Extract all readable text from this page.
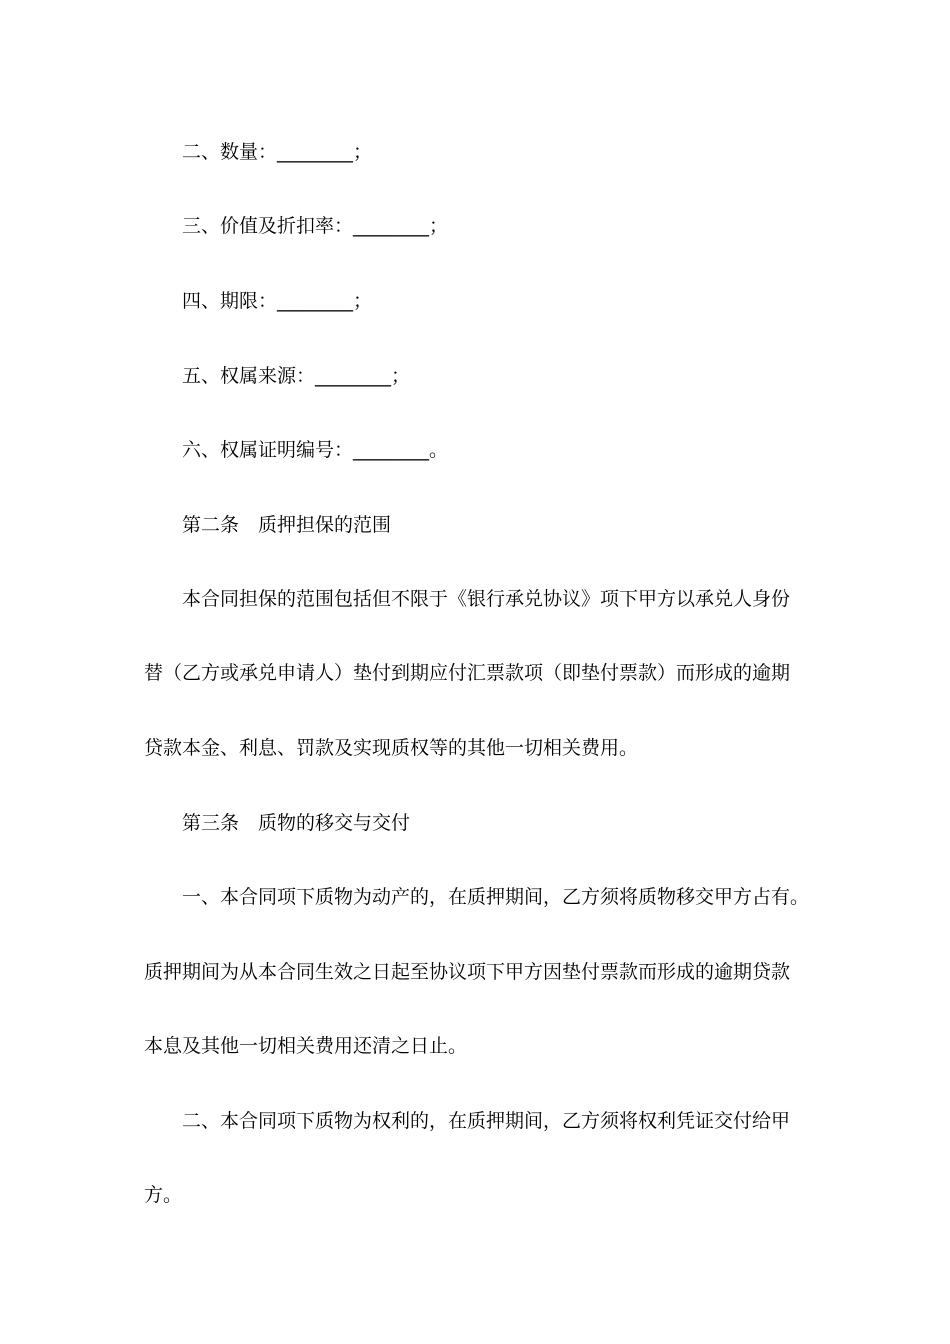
二、数量：________；
三、价值及折扣率：________；
四、期限：________；
五、权属来源：________；
六、权属证明编号：________。
第二条　质押担保的范围
本合同担保的范围包括但不限于《银行承兑协议》项下甲方以承兑人身份
替（乙方或承兑申请人）垫付到期应付汇票款项（即垫付票款）而形成的逾期
贷款本金、利息、罚款及实现质权等的其他一切相关费用。
第三条　质物的移交与交付
一、本合同项下质物为动产的，在质押期间，乙方须将质物移交甲方占有。
质押期间为从本合同生效之日起至协议项下甲方因垫付票款而形成的逾期贷款
本息及其他一切相关费用还清之日止。
二、本合同项下质物为权利的，在质押期间，乙方须将权利凭证交付给甲
方。
